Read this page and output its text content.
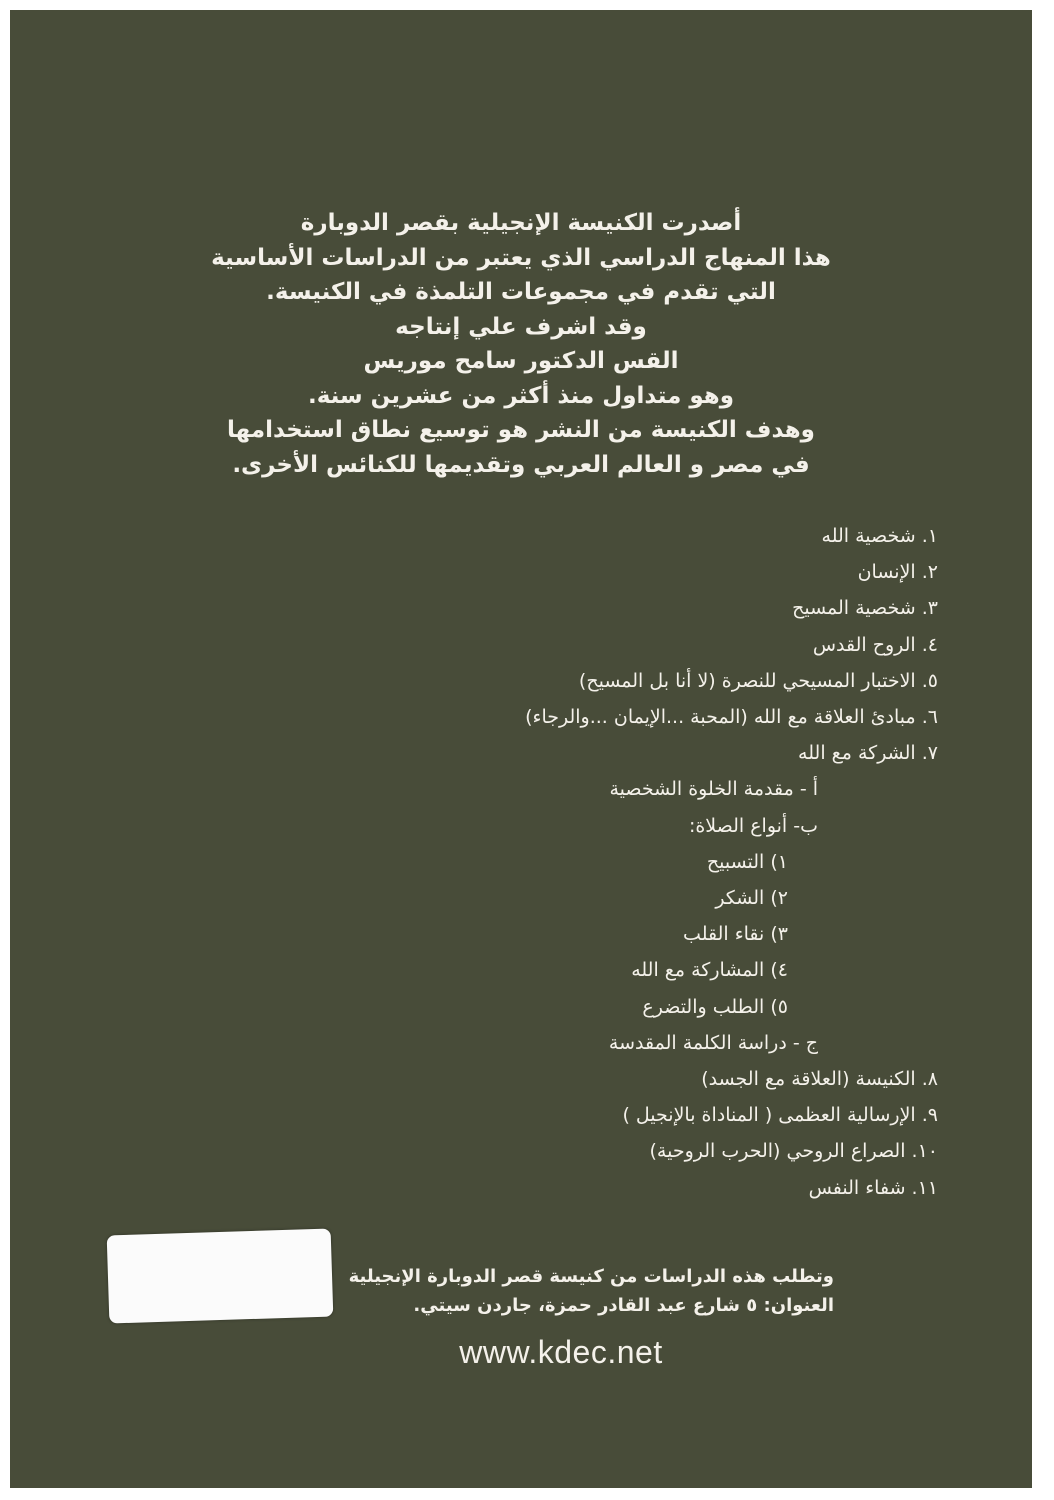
أصدرت الكنيسة الإنجيلية بقصر الدوبارة
هذا المنهاج الدراسي الذي يعتبر من الدراسات الأساسية
التي تقدم في مجموعات التلمذة في الكنيسة.
وقد اشرف علي إنتاجه
القس الدكتور سامح موريس
وهو متداول منذ أكثر من عشرين سنة.
وهدف الكنيسة من النشر هو توسيع نطاق استخدامها
في مصر و العالم العربي وتقديمها للكنائس الأخرى.
١. شخصية الله
٢. الإنسان
٣. شخصية المسيح
٤. الروح القدس
٥. الاختبار المسيحي للنصرة (لا أنا بل المسيح)
٦. مبادئ العلاقة مع الله (المحبة ...الإيمان ...والرجاء)
٧. الشركة مع الله
أ - مقدمة الخلوة الشخصية
ب- أنواع الصلاة:
١) التسبيح
٢) الشكر
٣) نقاء القلب
٤) المشاركة مع الله
٥) الطلب والتضرع
ج - دراسة الكلمة المقدسة
٨. الكنيسة (العلاقة مع الجسد)
٩. الإرسالية العظمى ( المناداة بالإنجيل )
١٠. الصراع الروحي (الحرب الروحية)
١١. شفاء النفس
وتطلب هذه الدراسات من كنيسة قصر الدوبارة الإنجيلية
العنوان: ٥ شارع عبد القادر حمزة، جاردن سيتي.
www.kdec.net
